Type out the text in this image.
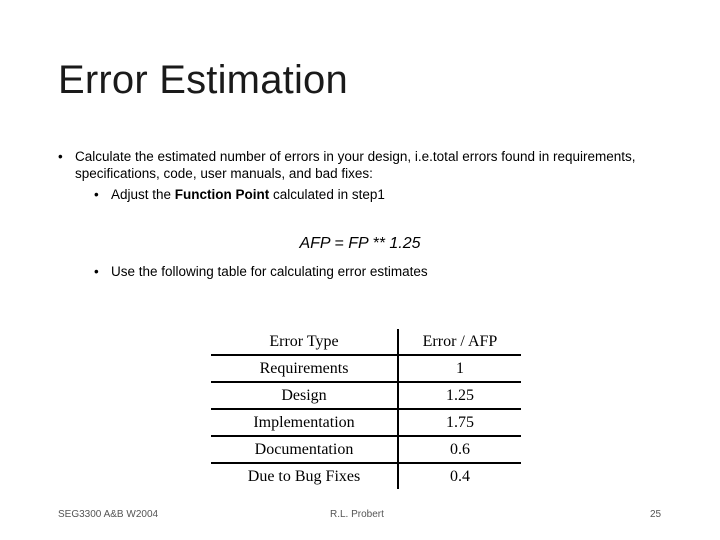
Error Estimation
• Calculate the estimated number of errors in your design, i.e.total errors found in requirements, specifications, code, user manuals, and bad fixes:
• Adjust the Function Point calculated in step1
AFP = FP ** 1.25
• Use the following table for calculating error estimates
Error Type	Error / AFP
Requirements	1
Design	1.25
Implementation	1.75
Documentation	0.6
Due to Bug Fixes	0.4
SEG3300 A&B W2004	R.L. Probert	25
